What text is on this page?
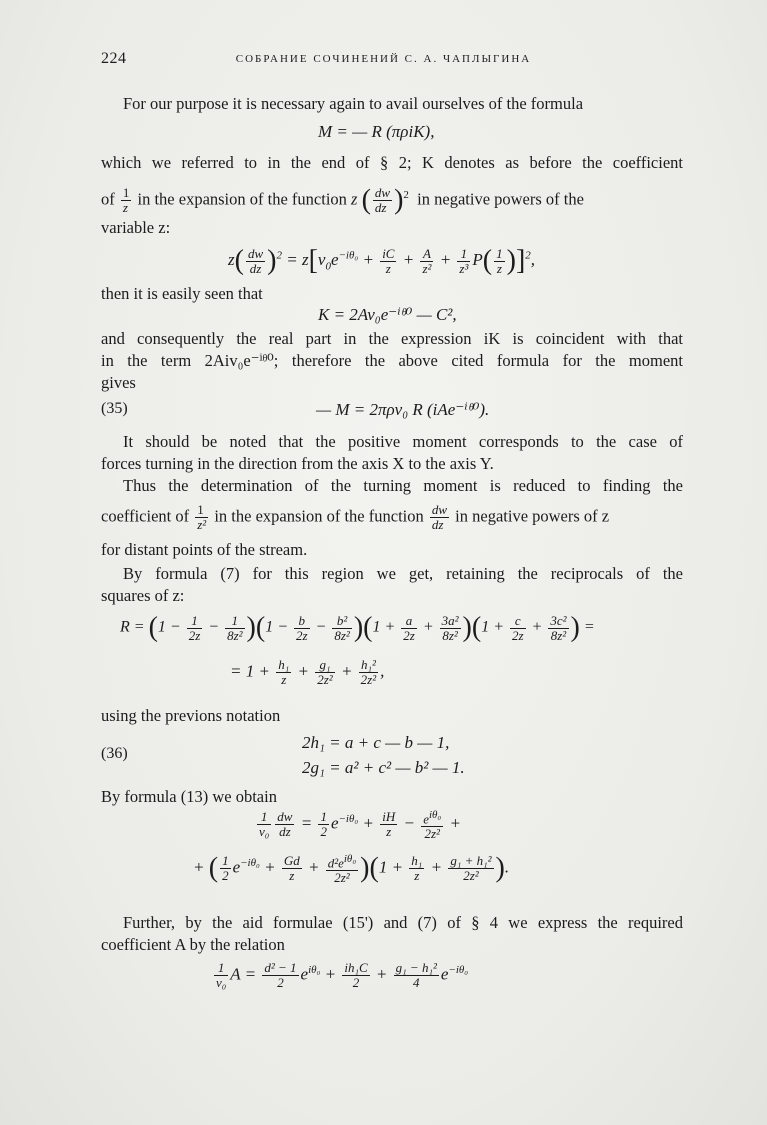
224	СОБРАНИЕ СОЧИНЕНИЙ С. А. ЧАПЛЫГИНА
For our purpose it is necessary again to avail ourselves of the formula
M = — R (πρiK),
which we referred to in the end of § 2; K denotes as before the coefficient
of $\frac{1}{z}$ in the expansion of the function z ( $\frac{dw}{dz} )^2$ in negative powers of the
variable z:
$z( \frac{dw}{dz} )^2 = z[v_0e^{-i\theta_0} + \frac{iC}{z} + \frac{A}{\text{z²}} + \frac{1}{\text{z³}} P( \frac{1}{z} )]^2$,
then it is easily seen that
K = 2Av₀e⁻ⁱᶿ⁰ — C²,
and consequently the real part in the expression iK is coincident with that
in the term 2Aiv₀e⁻ⁱᶿ⁰; therefore the above cited formula for the moment
gives
(35)	— M = 2πρv₀ R (iAe⁻ⁱᶿ⁰).
It should be noted that the positive moment corresponds to the case of
forces turning in the direction from the axis X to the axis Y.
Thus the determination of the turning moment is reduced to finding the
coefficient of $\frac{1}{\text{z²}}$ in the expansion of the function $\frac{dw}{dz}$ in negative powers of z
for distant points of the stream.
By formula (7) for this region we get, retaining the reciprocals of the
squares of z:
$R = (1 - \frac{1}{2z} - \frac{1}{\text{8z²}} )(1 - \frac{b}{2z} - \frac{\text{b²}}{\text{8z²}} )(1 + \frac{a}{2z} + \frac{\text{3a²}}{\text{8z²}} )(1 + \frac{c}{2z} + \frac{\text{3c²}}{\text{8z²}}$ ) =
= $1 + \frac{\text{h₁}}{z} + \frac{\text{g₁}}{\text{2z²}} + \frac{\text{h₁²}}{\text{2z²}}$ ,
using the previons notation
(36)
2h₁ = a + c — b — 1,
2g₁ = a² + c² — b² — 1.
By formula (13) we obtain
$\frac{1}{\text{v₀}} \frac{dw}{dz} = \frac{1}{2} e^{-i\theta_0} + \frac{iH}{z} - \frac{e^{i\theta_0}}{\text{2z²}}$ +
+ ( $\frac{1}{2} e^{-i\theta_0} + \frac{Gd}{z} + \frac{d^2e^{i\theta_0}}{\text{2z²}} )(1 + \frac{\text{h₁}}{z} + \frac{\text{g₁ + h₁²}}{\text{2z²}}$ ).
Further, by the aid formulae (15') and (7) of § 4 we express the required
coefficient A by the relation
$\frac{1}{\text{v₀}}$ $A = \frac{\text{d² − 1}}{2} e^{i\theta_0} + \frac{\text{ih₁C}}{2} + \frac{\text{g₁ − h₁²}}{4} e^{-i\theta_0}$
